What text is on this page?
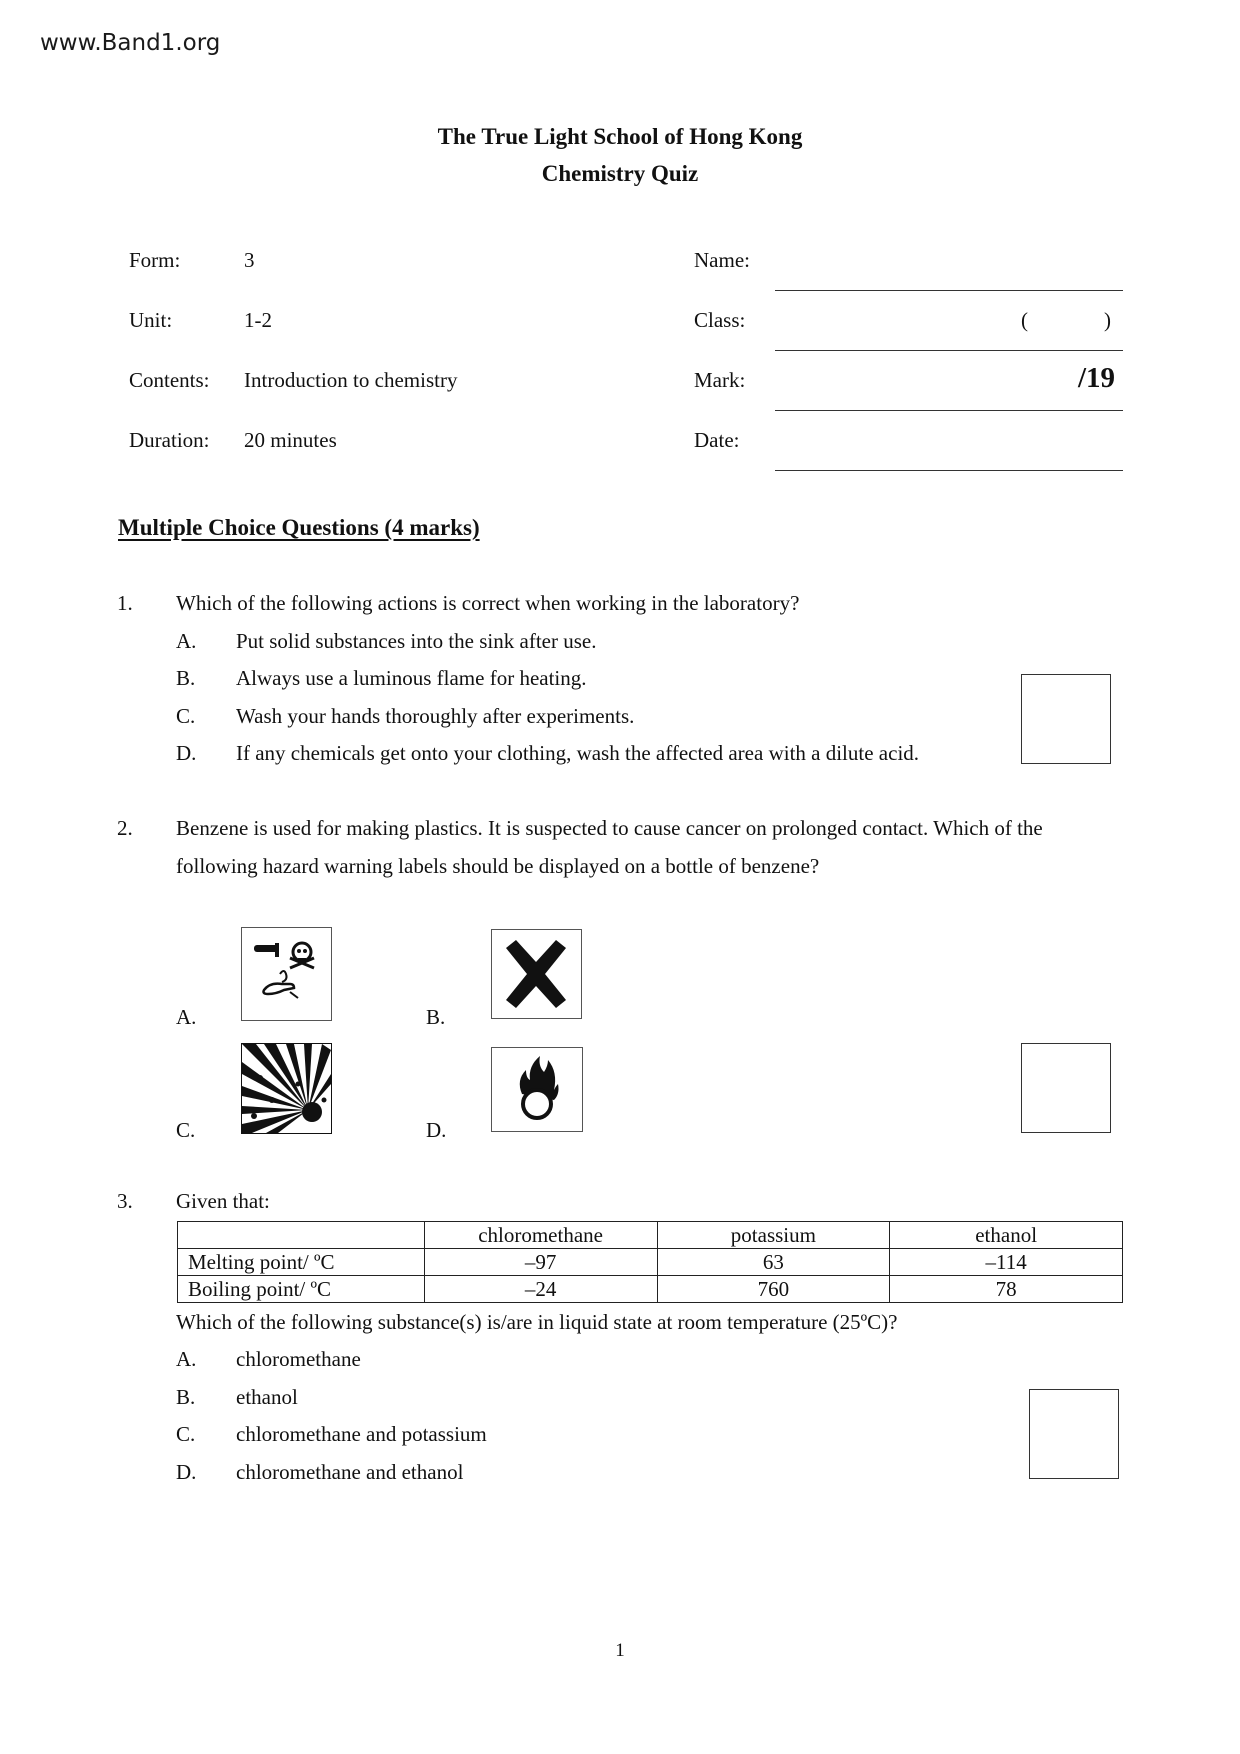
www.Band1.org
The True Light School of Hong Kong
Chemistry Quiz
Form:	3
Unit:	1-2
Contents: Introduction to chemistry
Duration: 20 minutes
Name:
Class:	(	)
Mark:	/19
Date:
Multiple Choice Questions (4 marks)
1. Which of the following actions is correct when working in the laboratory?
A. Put solid substances into the sink after use.
B. Always use a luminous flame for heating.
C. Wash your hands thoroughly after experiments.
D. If any chemicals get onto your clothing, wash the affected area with a dilute acid.
2. Benzene is used for making plastics. It is suspected to cause cancer on prolonged contact. Which of the
following hazard warning labels should be displayed on a bottle of benzene?
A.	B.
C.	D.
3. Given that:
	chloromethane	potassium	ethanol
Melting point/ ºC	–97	63	–114
Boiling point/ ºC	–24	760	78
Which of the following substance(s) is/are in liquid state at room temperature (25ºC)?
A. chloromethane
B. ethanol
C. chloromethane and potassium
D. chloromethane and ethanol
1
